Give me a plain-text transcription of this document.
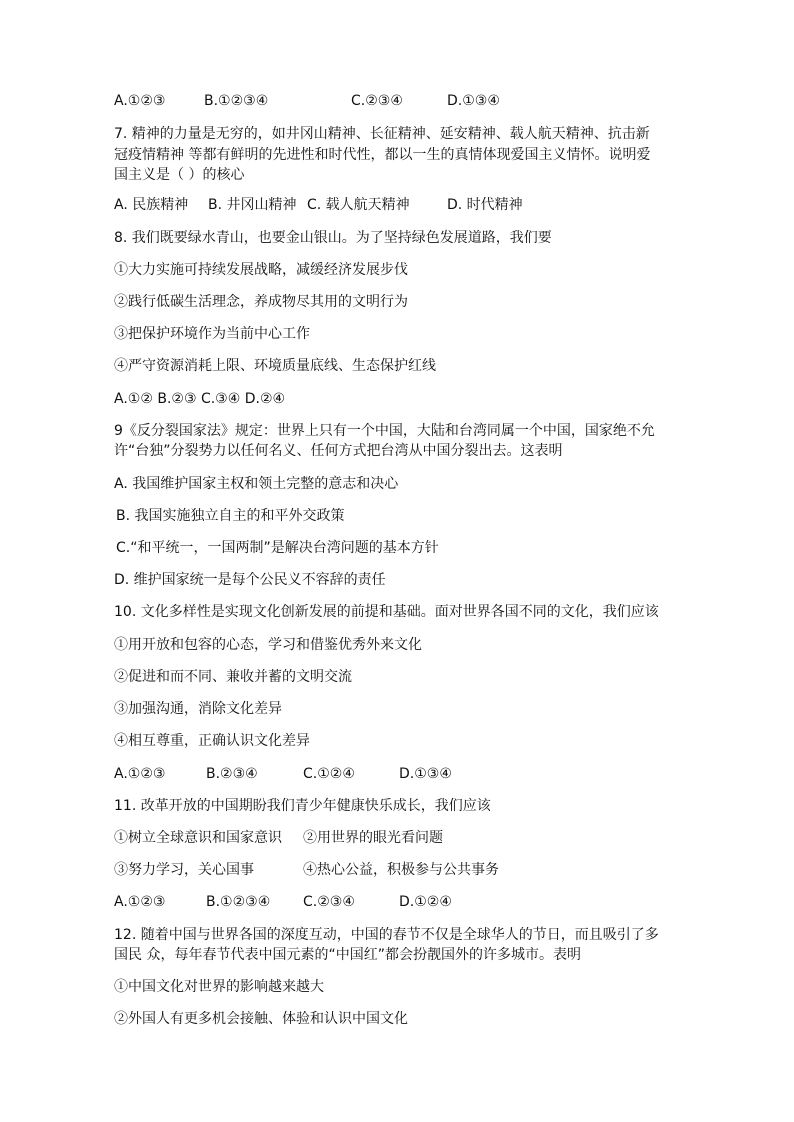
A.①②③	B.①②③④	C.②③④	D.①③④
7. 精神的力量是无穷的，如井冈山精神、长征精神、延安精神、载人航天精神、抗击新
冠疫情精神 等都有鲜明的先进性和时代性，都以一生的真情体现爱国主义情怀。说明爱
国主义是（ ）的核心
A. 民族精神 B. 井冈山精神 C. 载人航天精神	D. 时代精神
8. 我们既要绿水青山，也要金山银山。为了坚持绿色发展道路，我们要
①大力实施可持续发展战略，减缓经济发展步伐
②践行低碳生活理念，养成物尽其用的文明行为
③把保护环境作为当前中心工作
④严守资源消耗上限、环境质量底线、生态保护红线
A.①② B.②③ C.③④ D.②④
9《反分裂国家法》规定：世界上只有一个中国，大陆和台湾同属一个中国，国家绝不允
许“台独”分裂势力以任何名义、任何方式把台湾从中国分裂出去。这表明
A. 我国维护国家主权和领土完整的意志和决心
B. 我国实施独立自主的和平外交政策
C.“和平统一，一国两制”是解决台湾问题的基本方针
D. 维护国家统一是每个公民义不容辞的责任
10. 文化多样性是实现文化创新发展的前提和基础。面对世界各国不同的文化，我们应该
①用开放和包容的心态，学习和借鉴优秀外来文化
②促进和而不同、兼收并蓄的文明交流
③加强沟通，消除文化差异
④相互尊重，正确认识文化差异
A.①②③	B.②③④	C.①②④	D.①③④
11. 改革开放的中国期盼我们青少年健康快乐成长，我们应该
①树立全球意识和国家意识 ②用世界的眼光看问题
③努力学习，关心国事	④热心公益，积极参与公共事务
A.①②③	B.①②③④ C.②③④	D.①②④
12. 随着中国与世界各国的深度互动，中国的春节不仅是全球华人的节日，而且吸引了多
国民 众，每年春节代表中国元素的“中国红”都会扮靓国外的许多城市。表明
①中国文化对世界的影响越来越大
②外国人有更多机会接触、体验和认识中国文化
